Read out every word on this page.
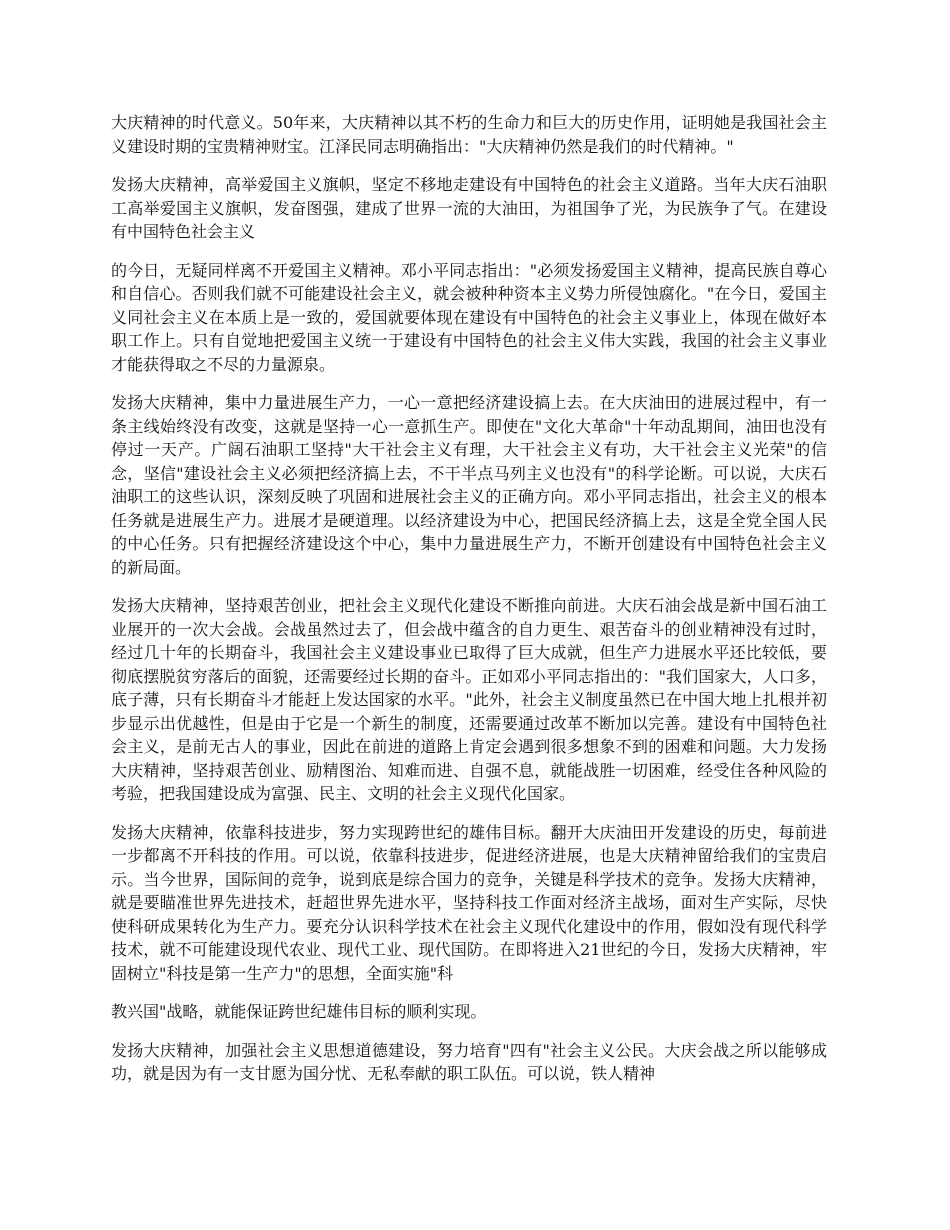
大庆精神的时代意义。50年来，大庆精神以其不朽的生命力和巨大的历史作用，证明她是我国社会主义建设时期的宝贵精神财宝。江泽民同志明确指出："大庆精神仍然是我们的时代精神。"

发扬大庆精神，高举爱国主义旗帜，坚定不移地走建设有中国特色的社会主义道路。当年大庆石油职工高举爱国主义旗帜，发奋图强，建成了世界一流的大油田，为祖国争了光，为民族争了气。在建设有中国特色社会主义

的今日，无疑同样离不开爱国主义精神。邓小平同志指出："必须发扬爱国主义精神，提高民族自尊心和自信心。否则我们就不可能建设社会主义，就会被种种资本主义势力所侵蚀腐化。"在今日，爱国主义同社会主义在本质上是一致的，爱国就要体现在建设有中国特色的社会主义事业上，体现在做好本职工作上。只有自觉地把爱国主义统一于建设有中国特色的社会主义伟大实践，我国的社会主义事业才能获得取之不尽的力量源泉。

发扬大庆精神，集中力量进展生产力，一心一意把经济建设搞上去。在大庆油田的进展过程中，有一条主线始终没有改变，这就是坚持一心一意抓生产。即使在"文化大革命"十年动乱期间，油田也没有停过一天产。广阔石油职工坚持"大干社会主义有理，大干社会主义有功，大干社会主义光荣"的信念，坚信"建设社会主义必须把经济搞上去，不干半点马列主义也没有"的科学论断。可以说，大庆石油职工的这些认识，深刻反映了巩固和进展社会主义的正确方向。邓小平同志指出，社会主义的根本任务就是进展生产力。进展才是硬道理。以经济建设为中心，把国民经济搞上去，这是全党全国人民的中心任务。只有把握经济建设这个中心，集中力量进展生产力，不断开创建设有中国特色社会主义的新局面。

发扬大庆精神，坚持艰苦创业，把社会主义现代化建设不断推向前进。大庆石油会战是新中国石油工业展开的一次大会战。会战虽然过去了，但会战中蕴含的自力更生、艰苦奋斗的创业精神没有过时，经过几十年的长期奋斗，我国社会主义建设事业已取得了巨大成就，但生产力进展水平还比较低，要彻底摆脱贫穷落后的面貌，还需要经过长期的奋斗。正如邓小平同志指出的："我们国家大，人口多，底子薄，只有长期奋斗才能赶上发达国家的水平。"此外，社会主义制度虽然已在中国大地上扎根并初步显示出优越性，但是由于它是一个新生的制度，还需要通过改革不断加以完善。建设有中国特色社会主义，是前无古人的事业，因此在前进的道路上肯定会遇到很多想象不到的困难和问题。大力发扬大庆精神，坚持艰苦创业、励精图治、知难而进、自强不息，就能战胜一切困难，经受住各种风险的考验，把我国建设成为富强、民主、文明的社会主义现代化国家。

发扬大庆精神，依靠科技进步，努力实现跨世纪的雄伟目标。翻开大庆油田开发建设的历史，每前进一步都离不开科技的作用。可以说，依靠科技进步，促进经济进展，也是大庆精神留给我们的宝贵启示。当今世界，国际间的竞争，说到底是综合国力的竞争，关键是科学技术的竞争。发扬大庆精神，就是要瞄准世界先进技术，赶超世界先进水平，坚持科技工作面对经济主战场，面对生产实际，尽快使科研成果转化为生产力。要充分认识科学技术在社会主义现代化建设中的作用，假如没有现代科学技术，就不可能建设现代农业、现代工业、现代国防。在即将进入21世纪的今日，发扬大庆精神，牢固树立"科技是第一生产力"的思想，全面实施"科

教兴国"战略，就能保证跨世纪雄伟目标的顺利实现。

发扬大庆精神，加强社会主义思想道德建设，努力培育"四有"社会主义公民。大庆会战之所以能够成功，就是因为有一支甘愿为国分忧、无私奉献的职工队伍。可以说，铁人精神
